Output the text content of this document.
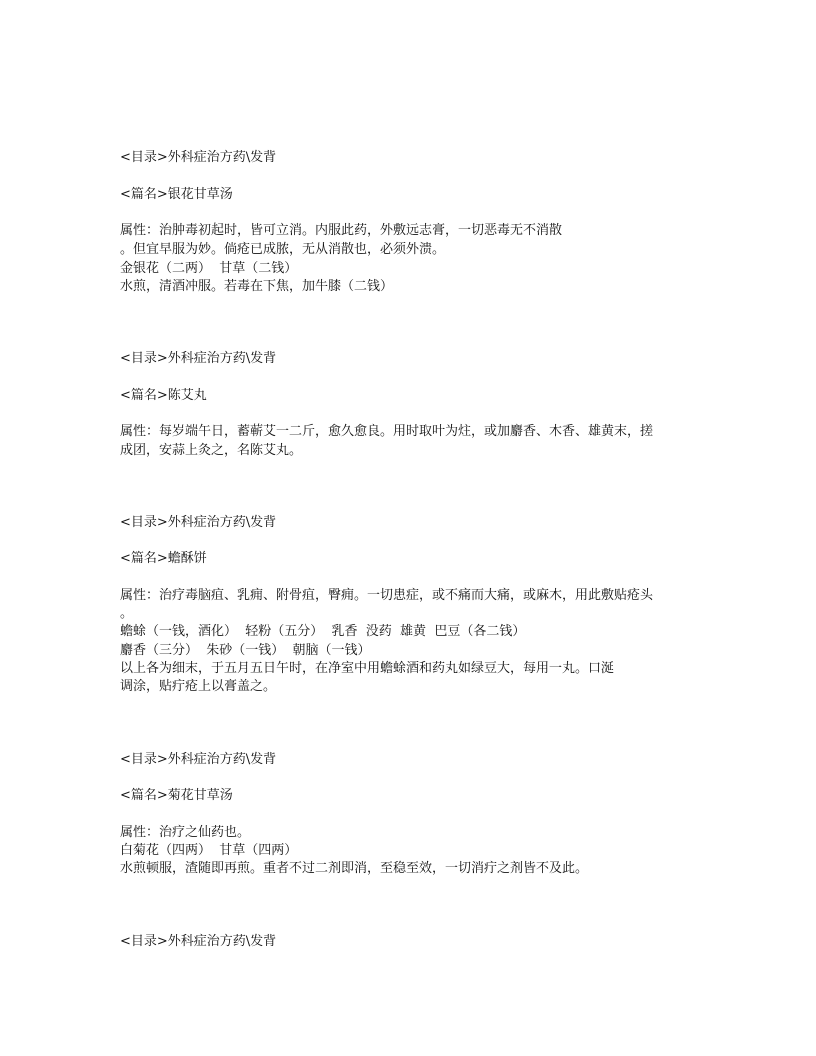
<目录>外科症治方药\发背
<篇名>银花甘草汤
属性：治肿毒初起时，皆可立消。内服此药，外敷远志膏，一切恶毒无不消散
。但宜早服为妙。倘疮已成脓，无从消散也，必须外溃。
金银花（二两）  甘草（二钱）
水煎，清酒冲服。若毒在下焦，加牛膝（二钱）
<目录>外科症治方药\发背
<篇名>陈艾丸
属性：每岁端午日，蓄蕲艾一二斤，愈久愈良。用时取叶为炷，或加麝香、木香、雄黄末，搓
成团，安蒜上灸之，名陈艾丸。
<目录>外科症治方药\发背
<篇名>蟾酥饼
属性：治疗毒脑疽、乳痈、附骨疽，臀痈。一切患症，或不痛而大痛，或麻木，用此敷贴疮头
。
蟾蜍（一钱，酒化）  轻粉（五分）  乳香  没药  雄黄  巴豆（各二钱）
麝香（三分）  朱砂（一钱）  朝脑（一钱）
以上各为细末，于五月五日午时，在净室中用蟾蜍酒和药丸如绿豆大，每用一丸。口涎
调涂，贴疔疮上以膏盖之。
<目录>外科症治方药\发背
<篇名>菊花甘草汤
属性：治疗之仙药也。
白菊花（四两）  甘草（四两）
水煎顿服，渣随即再煎。重者不过二剂即消，至稳至效，一切消疔之剂皆不及此。
<目录>外科症治方药\发背
